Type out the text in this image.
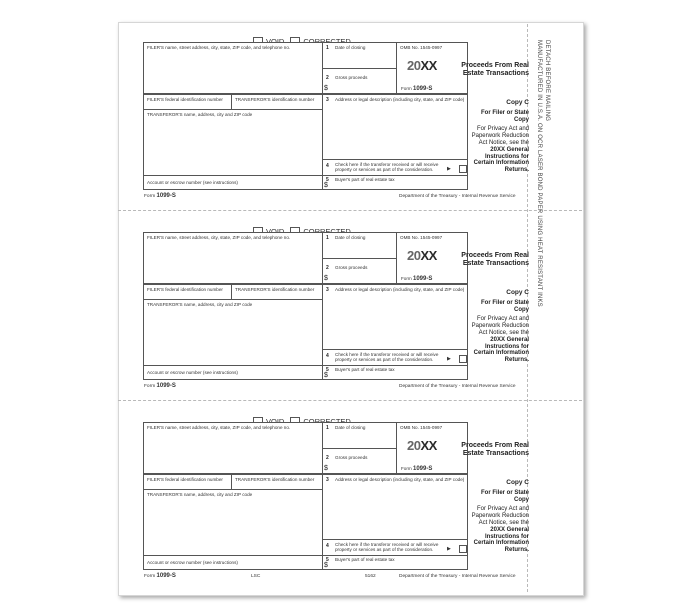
DETACH BEFORE MAILING
MANUFACTURED IN U.S.A. ON OCR LASER BOND PAPER USING HEAT RESISTANT INKS
FILER'S name, street address, city, state, ZIP code, and telephone no.
FILER'S federal identification number	TRANSFEROR'S identification number
TRANSFEROR'S name, address, city and ZIP code
Account or escrow number (see instructions)
1 Date of closing
2 Gross proceeds
$
OMB No. 1545-0997
20XX
Form 1099-S
3 Address or legal description (including city, state, and ZIP code)
4 Check here if the transferor received or will receive property or services as part of the consideration.	▶
5 Buyer's part of real estate tax
$
Proceeds From Real Estate Transactions
Copy C
For Filer or State Copy
For Privacy Act and Paperwork Reduction Act Notice, see the
20XX General Instructions for Certain Information Returns.
Form 1099-S	Department of the Treasury - Internal Revenue Service
FILER'S name, street address, city, state, ZIP code, and telephone no.
FILER'S federal identification number	TRANSFEROR'S identification number
TRANSFEROR'S name, address, city and ZIP code
Account or escrow number (see instructions)
1 Date of closing
2 Gross proceeds
$
OMB No. 1545-0997
20XX
Form 1099-S
3 Address or legal description (including city, state, and ZIP code)
4 Check here if the transferor received or will receive property or services as part of the consideration.	▶
5 Buyer's part of real estate tax
$
Proceeds From Real Estate Transactions
Copy C
For Filer or State Copy
For Privacy Act and Paperwork Reduction Act Notice, see the
20XX General Instructions for Certain Information Returns.
Form 1099-S	Department of the Treasury - Internal Revenue Service
FILER'S name, street address, city, state, ZIP code, and telephone no.
FILER'S federal identification number	TRANSFEROR'S identification number
TRANSFEROR'S name, address, city and ZIP code
Account or escrow number (see instructions)
1 Date of closing
2 Gross proceeds
$
OMB No. 1545-0997
20XX
Form 1099-S
3 Address or legal description (including city, state, and ZIP code)
4 Check here if the transferor received or will receive property or services as part of the consideration.	▶
5 Buyer's part of real estate tax
$
Proceeds From Real Estate Transactions
Copy C
For Filer or State Copy
For Privacy Act and Paperwork Reduction Act Notice, see the
20XX General Instructions for Certain Information Returns.
Form 1099-S	Department of the Treasury - Internal Revenue Service
LSC	5162
